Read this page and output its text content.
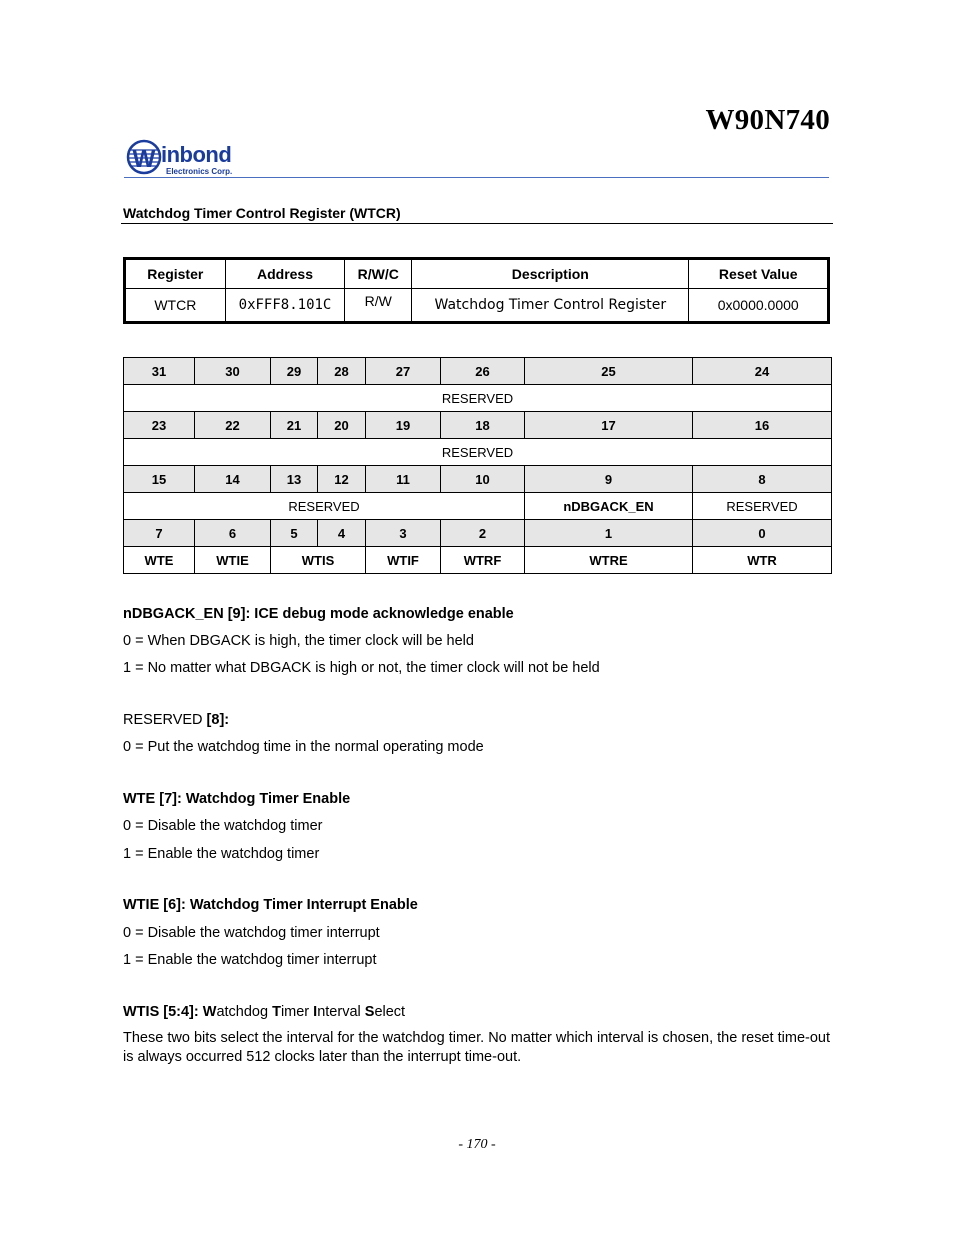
W90N740
W inbond
Electronics Corp.
Watchdog Timer Control Register (WTCR)
Register	Address	R/W/C	Description	Reset Value
WTCR	0xFFF8.101C	R/W	Watchdog Timer Control Register	0x0000.0000
31	30	29	28	27	26	25	24
RESERVED							
23	22	21	20	19	18	17	16
RESERVED							
15	14	13	12	11	10	9	8
RESERVED						nDBGACK_EN	RESERVED
7	6	5	4	3	2	1	0
WTE	WTIE	WTIS		WTIF	WTRF	WTRE	WTR
nDBGACK_EN [9]: ICE debug mode acknowledge enable
0 = When DBGACK is high, the timer clock will be held
1 = No matter what DBGACK is high or not, the timer clock will not be held
RESERVED [8]:
0 = Put the watchdog time in the normal operating mode
WTE [7]: Watchdog Timer Enable
0 = Disable the watchdog timer
1 = Enable the watchdog timer
WTIE [6]: Watchdog Timer Interrupt Enable
0 = Disable the watchdog timer interrupt
1 = Enable the watchdog timer interrupt
WTIS [5:4]: Watchdog Timer Interval Select
These two bits select the interval for the watchdog timer. No matter which interval is chosen, the reset time-out is always occurred 512 clocks later than the interrupt time-out.
- 170 -
